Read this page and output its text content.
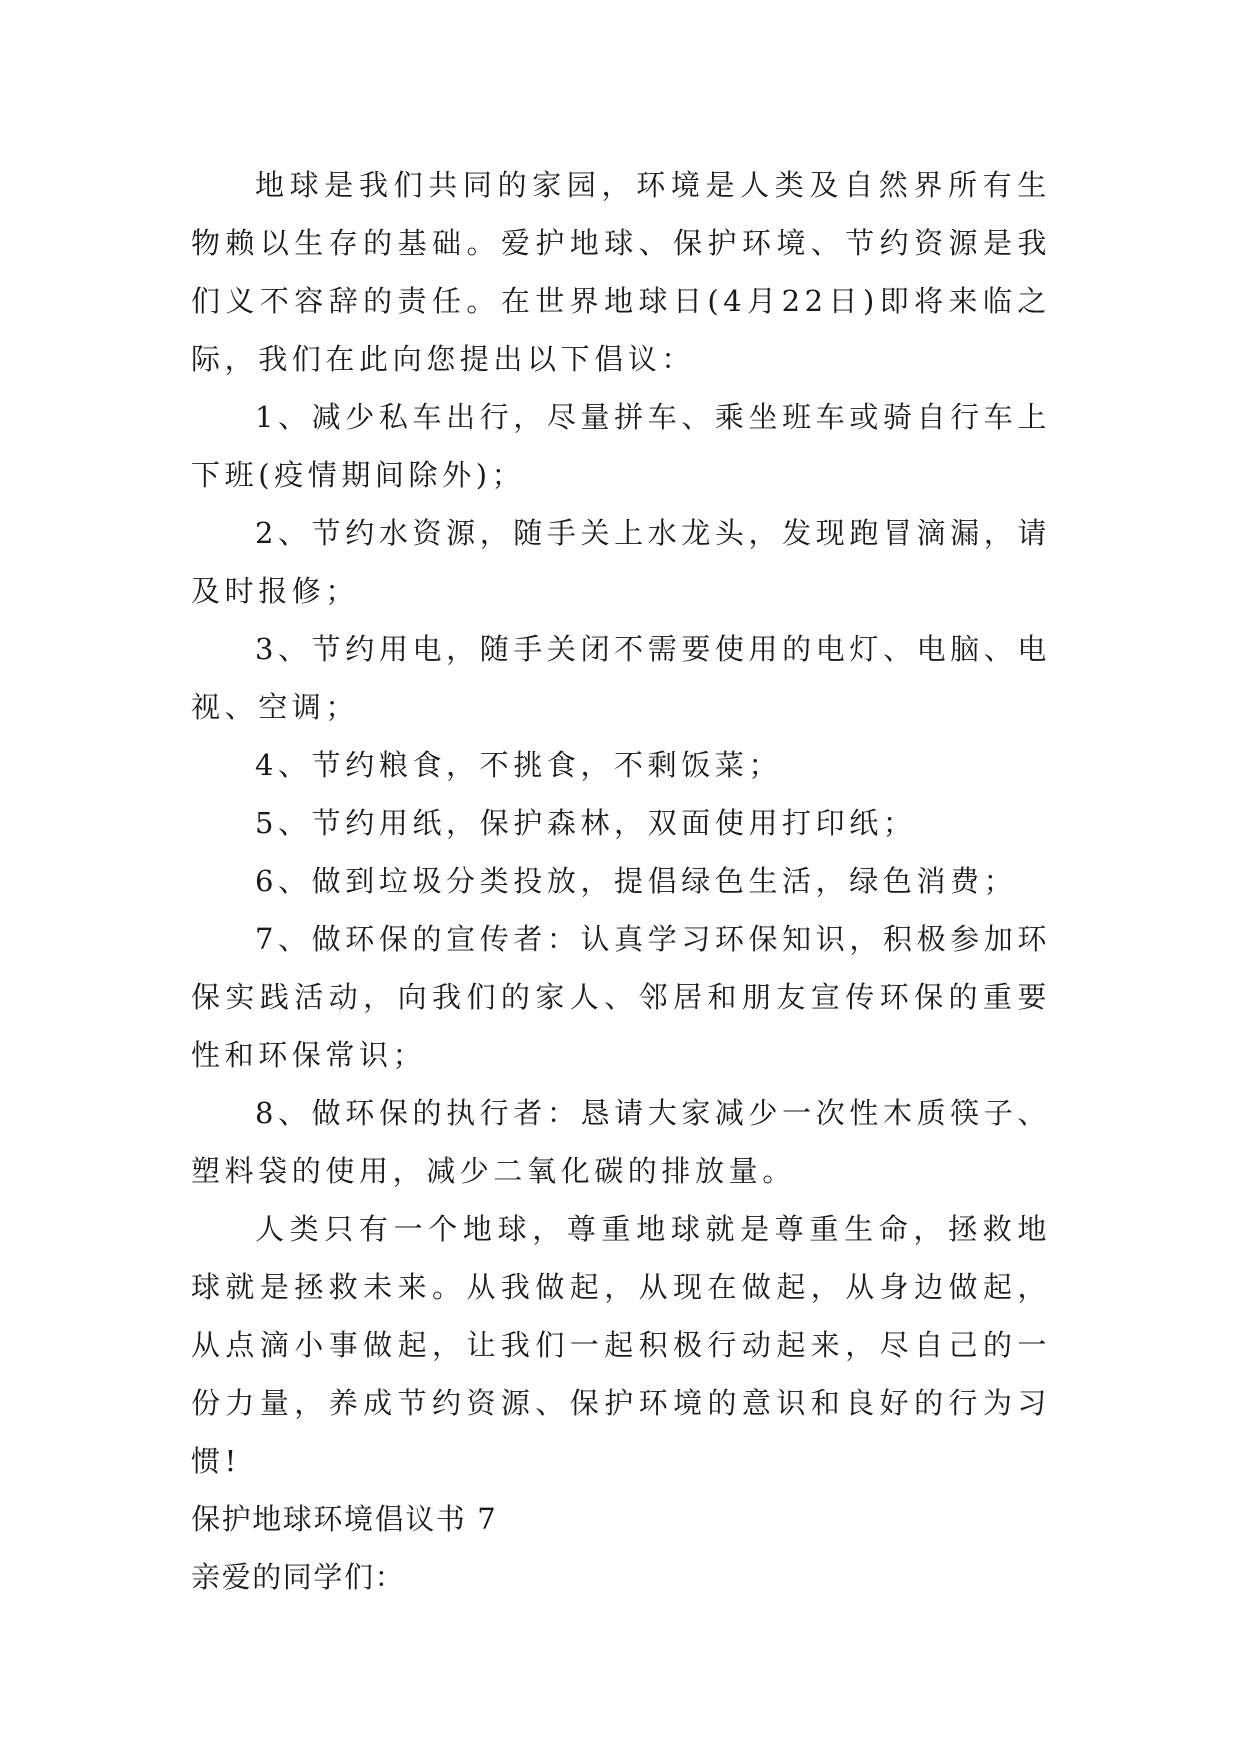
地球是我们共同的家园，环境是人类及自然界所有生物赖以生存的基础。爱护地球、保护环境、节约资源是我们义不容辞的责任。在世界地球日(4月22日)即将来临之际，我们在此向您提出以下倡议：

1、减少私车出行，尽量拼车、乘坐班车或骑自行车上下班(疫情期间除外)；

2、节约水资源，随手关上水龙头，发现跑冒滴漏，请及时报修；

3、节约用电，随手关闭不需要使用的电灯、电脑、电视、空调；

4、节约粮食，不挑食，不剩饭菜；

5、节约用纸，保护森林，双面使用打印纸；

6、做到垃圾分类投放，提倡绿色生活，绿色消费；

7、做环保的宣传者：认真学习环保知识，积极参加环保实践活动，向我们的家人、邻居和朋友宣传环保的重要性和环保常识；

8、做环保的执行者：恳请大家减少一次性木质筷子、塑料袋的使用，减少二氧化碳的排放量。

人类只有一个地球，尊重地球就是尊重生命，拯救地球就是拯救未来。从我做起，从现在做起，从身边做起，从点滴小事做起，让我们一起积极行动起来，尽自己的一份力量，养成节约资源、保护环境的意识和良好的行为习惯!

保护地球环境倡议书 7

亲爱的同学们：
